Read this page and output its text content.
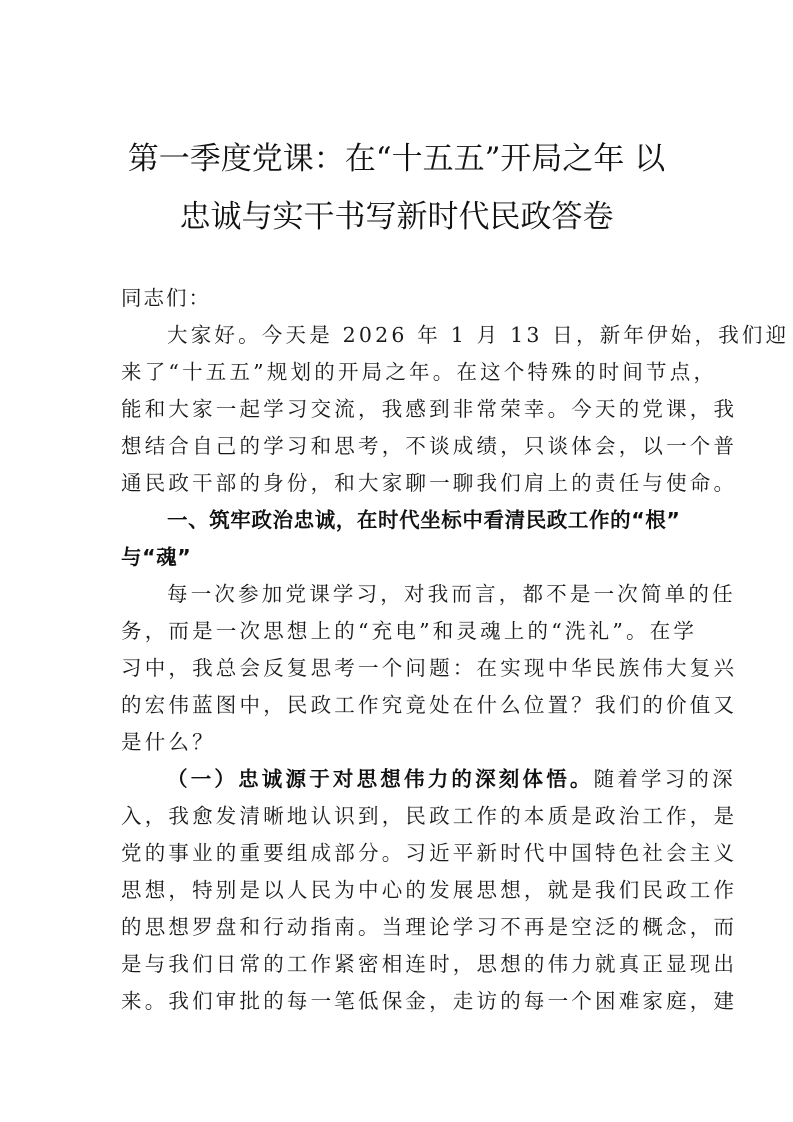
第一季度党课：在“十五五”开局之年 以
忠诚与实干书写新时代民政答卷
同志们：
大家好。今天是 2026 年 1 月 13 日，新年伊始，我们迎
来了“十五五”规划的开局之年。在这个特殊的时间节点，
能和大家一起学习交流，我感到非常荣幸。今天的党课，我
想结合自己的学习和思考，不谈成绩，只谈体会，以一个普
通民政干部的身份，和大家聊一聊我们肩上的责任与使命。
一、筑牢政治忠诚，在时代坐标中看清民政工作的“根”
与“魂”
每一次参加党课学习，对我而言，都不是一次简单的任
务，而是一次思想上的“充电”和灵魂上的“洗礼”。在学
习中，我总会反复思考一个问题：在实现中华民族伟大复兴
的宏伟蓝图中，民政工作究竟处在什么位置？我们的价值又
是什么？
（一）忠诚源于对思想伟力的深刻体悟。随着学习的深
入，我愈发清晰地认识到，民政工作的本质是政治工作，是
党的事业的重要组成部分。习近平新时代中国特色社会主义
思想，特别是以人民为中心的发展思想，就是我们民政工作
的思想罗盘和行动指南。当理论学习不再是空泛的概念，而
是与我们日常的工作紧密相连时，思想的伟力就真正显现出
来。我们审批的每一笔低保金，走访的每一个困难家庭，建
